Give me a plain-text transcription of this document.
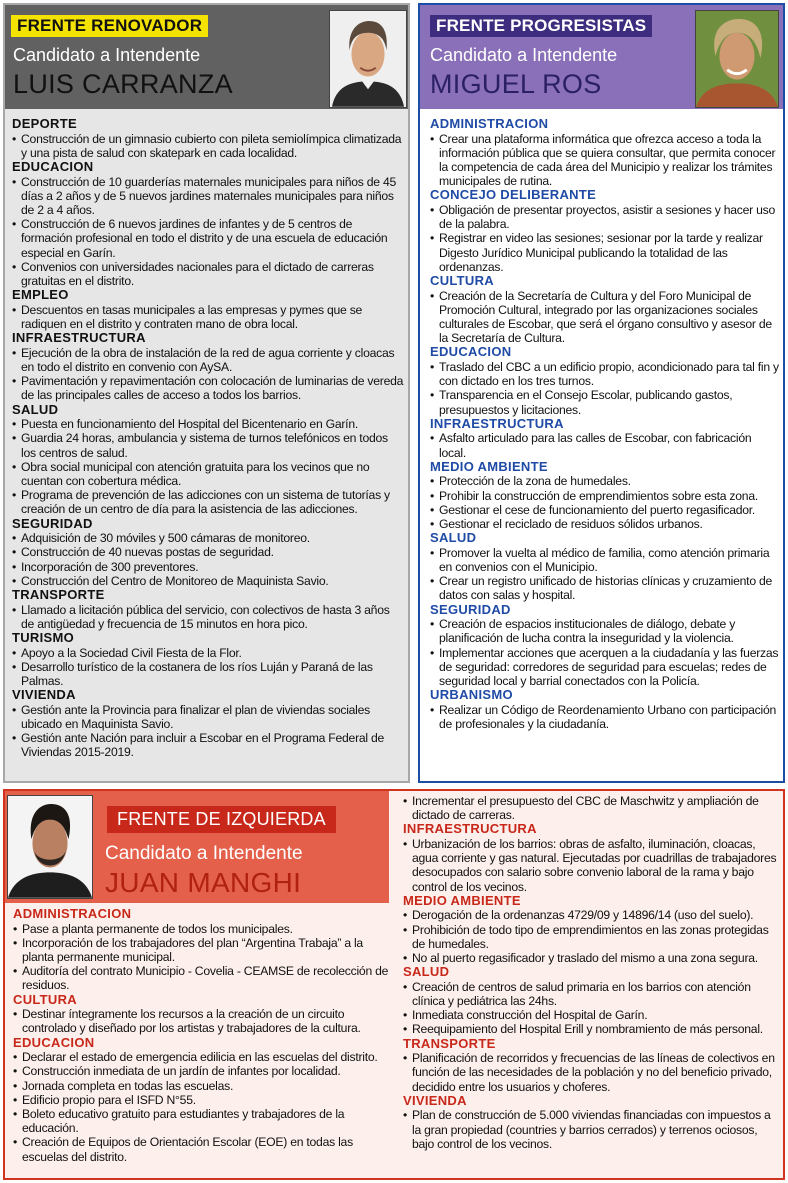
FRENTE RENOVADOR
Candidato a Intendente
LUIS CARRANZA
DEPORTE
• Construcción de un gimnasio cubierto con pileta semiolímpica climatizada y una pista de salud con skatepark en cada localidad.
EDUCACION
• Construcción de 10 guarderías maternales municipales para niños de 45 días a 2 años y de 5 nuevos jardines maternales municipales para niños de 2 a 4 años.
• Construcción de 6 nuevos jardines de infantes y de 5 centros de formación profesional en todo el distrito y de una escuela de educación especial en Garín.
• Convenios con universidades nacionales para el dictado de carreras gratuitas en el distrito.
EMPLEO
• Descuentos en tasas municipales a las empresas y pymes que se radiquen en el distrito y contraten mano de obra local.
INFRAESTRUCTURA
• Ejecución de la obra de instalación de la red de agua corriente y cloacas en todo el distrito en convenio con AySA.
• Pavimentación y repavimentación con colocación de luminarias de vereda de las principales calles de acceso a todos los barrios.
SALUD
• Puesta en funcionamiento del Hospital del Bicentenario en Garín.
• Guardia 24 horas, ambulancia y sistema de turnos telefónicos en todos los centros de salud.
• Obra social municipal con atención gratuita para los vecinos que no cuentan con cobertura médica.
• Programa de prevención de las adicciones con un sistema de tutorías y creación de un centro de día para la asistencia de las adicciones.
SEGURIDAD
• Adquisición de 30 móviles y 500 cámaras de monitoreo.
• Construcción de 40 nuevas postas de seguridad.
• Incorporación de 300 preventores.
• Construcción del Centro de Monitoreo de Maquinista Savio.
TRANSPORTE
• Llamado a licitación pública del servicio, con colectivos de hasta 3 años de antigüedad y frecuencia de 15 minutos en hora pico.
TURISMO
• Apoyo a la Sociedad Civil Fiesta de la Flor.
• Desarrollo turístico de la costanera de los ríos Luján y Paraná de las Palmas.
VIVIENDA
• Gestión ante la Provincia para finalizar el plan de viviendas sociales ubicado en Maquinista Savio.
• Gestión ante Nación para incluir a Escobar en el Programa Federal de Viviendas 2015-2019.
FRENTE PROGRESISTAS
Candidato a Intendente
MIGUEL ROS
ADMINISTRACION
• Crear una plataforma informática que ofrezca acceso a toda la información pública que se quiera consultar, que permita conocer la competencia de cada área del Municipio y realizar los trámites municipales de rutina.
CONCEJO DELIBERANTE
• Obligación de presentar proyectos, asistir a sesiones y hacer uso de la palabra.
• Registrar en video las sesiones; sesionar por la tarde y realizar Digesto Jurídico Municipal publicando la totalidad de las ordenanzas.
CULTURA
• Creación de la Secretaría de Cultura y del Foro Municipal de Promoción Cultural, integrado por las organizaciones sociales culturales de Escobar, que será el órgano consultivo y asesor de la Secretaría de Cultura.
EDUCACION
• Traslado del CBC a un edificio propio, acondicionado para tal fin y con dictado en los tres turnos.
• Transparencia en el Consejo Escolar, publicando gastos, presupuestos y licitaciones.
INFRAESTRUCTURA
• Asfalto articulado para las calles de Escobar, con fabricación local.
MEDIO AMBIENTE
• Protección de la zona de humedales.
• Prohibir la construcción de emprendimientos sobre esta zona.
• Gestionar el cese de funcionamiento del puerto regasificador.
• Gestionar el reciclado de residuos sólidos urbanos.
SALUD
• Promover la vuelta al médico de familia, como atención primaria en convenios con el Municipio.
• Crear un registro unificado de historias clínicas y cruzamiento de datos con salas y hospital.
SEGURIDAD
• Creación de espacios institucionales de diálogo, debate y planificación de lucha contra la inseguridad y la violencia.
• Implementar acciones que acerquen a la ciudadanía y las fuerzas de seguridad: corredores de seguridad para escuelas; redes de seguridad local y barrial conectados con la Policía.
URBANISMO
• Realizar un Código de Reordenamiento Urbano con participación de profesionales y la ciudadanía.
FRENTE DE IZQUIERDA
Candidato a Intendente
JUAN MANGHI
ADMINISTRACION
• Pase a planta permanente de todos los municipales.
• Incorporación de los trabajadores del plan “Argentina Trabaja” a la planta permanente municipal.
• Auditoría del contrato Municipio - Covelia - CEAMSE de recolección de residuos.
CULTURA
• Destinar íntegramente los recursos a la creación de un circuito controlado y diseñado por los artistas y trabajadores de la cultura.
EDUCACION
• Declarar el estado de emergencia edilicia en las escuelas del distrito.
• Construcción inmediata de un jardín de infantes por localidad.
• Jornada completa en todas las escuelas.
• Edificio propio para el ISFD N°55.
• Boleto educativo gratuito para estudiantes y trabajadores de la educación.
• Creación de Equipos de Orientación Escolar (EOE) en todas las escuelas del distrito.
• Incrementar el presupuesto del CBC de Maschwitz y ampliación de dictado de carreras.
INFRAESTRUCTURA
• Urbanización de los barrios: obras de asfalto, iluminación, cloacas, agua corriente y gas natural. Ejecutadas por cuadrillas de trabajadores desocupados con salario sobre convenio laboral de la rama y bajo control de los vecinos.
MEDIO AMBIENTE
• Derogación de la ordenanzas 4729/09 y 14896/14 (uso del suelo).
• Prohibición de todo tipo de emprendimientos en las zonas protegidas de humedales.
• No al puerto regasificador y traslado del mismo a una zona segura.
SALUD
• Creación de centros de salud primaria en los barrios con atención clínica y pediátrica las 24hs.
• Inmediata construcción del Hospital de Garín.
• Reequipamiento del Hospital Erill y nombramiento de más personal.
TRANSPORTE
• Planificación de recorridos y frecuencias de las líneas de colectivos en función de las necesidades de la población y no del beneficio privado, decidido entre los usuarios y choferes.
VIVIENDA
• Plan de construcción de 5.000 viviendas financiadas con impuestos a la gran propiedad (countries y barrios cerrados) y terrenos ociosos, bajo control de los vecinos.
